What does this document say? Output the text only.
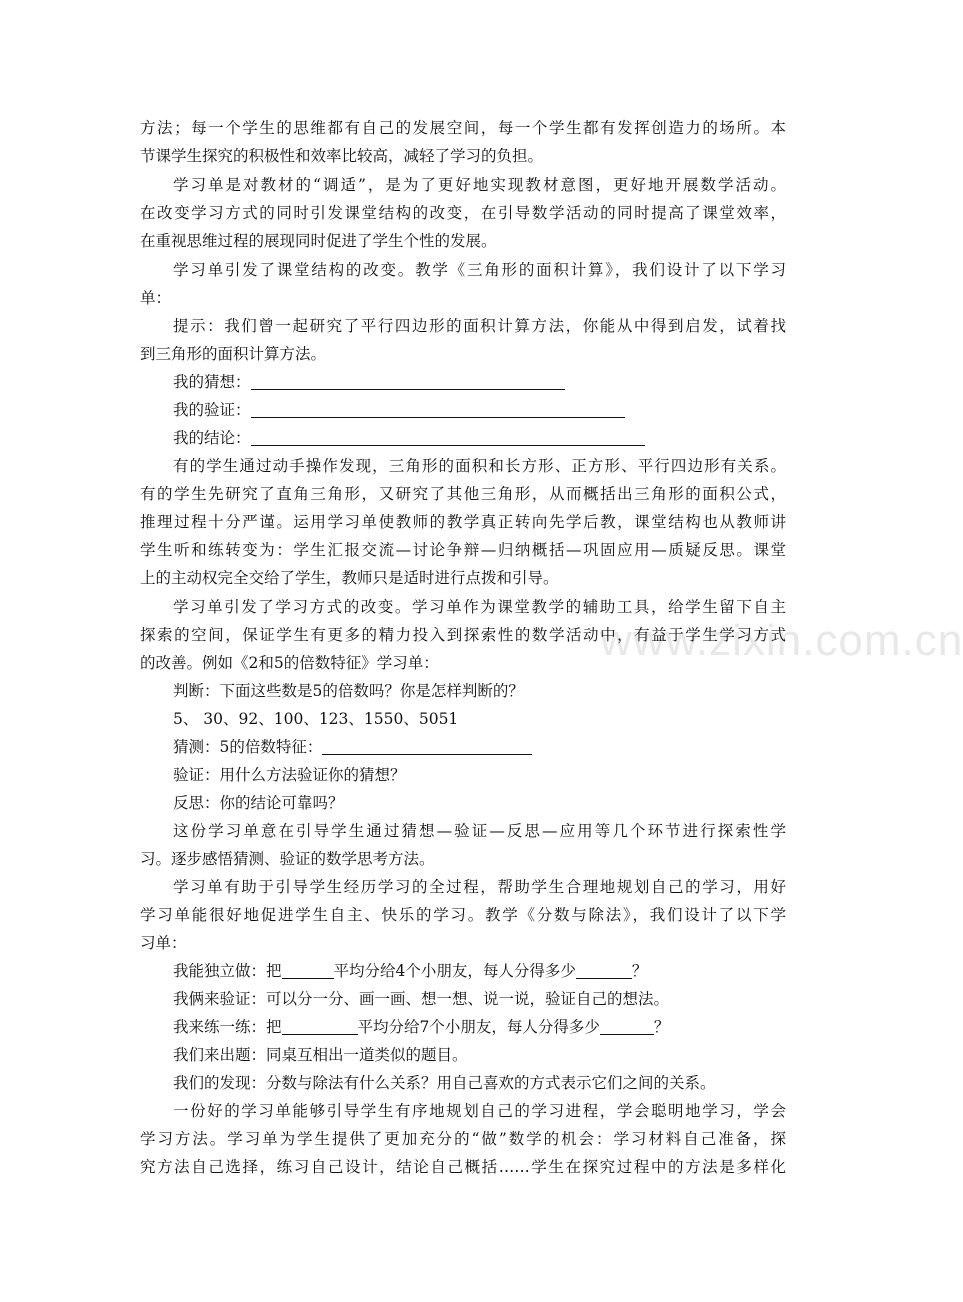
www.zixin.com.cn
方法；每一个学生的思维都有自己的发展空间，每一个学生都有发挥创造力的场所。本
节课学生探究的积极性和效率比较高，减轻了学习的负担。
学习单是对教材的“调适”，是为了更好地实现教材意图，更好地开展数学活动。
在改变学习方式的同时引发课堂结构的改变，在引导数学活动的同时提高了课堂效率，
在重视思维过程的展现同时促进了学生个性的发展。
学习单引发了课堂结构的改变。教学《三角形的面积计算》，我们设计了以下学习
单：
提示：我们曾一起研究了平行四边形的面积计算方法，你能从中得到启发，试着找
到三角形的面积计算方法。
我的猜想：
我的验证：
我的结论：
有的学生通过动手操作发现，三角形的面积和长方形、正方形、平行四边形有关系。
有的学生先研究了直角三角形，又研究了其他三角形，从而概括出三角形的面积公式，
推理过程十分严谨。运用学习单使教师的教学真正转向先学后教，课堂结构也从教师讲
学生听和练转变为：学生汇报交流—讨论争辩—归纳概括—巩固应用—质疑反思。课堂
上的主动权完全交给了学生，教师只是适时进行点拨和引导。
学习单引发了学习方式的改变。学习单作为课堂教学的辅助工具，给学生留下自主
探索的空间，保证学生有更多的精力投入到探索性的数学活动中，有益于学生学习方式
的改善。例如《2和5的倍数特征》学习单：
判断：下面这些数是5的倍数吗？你是怎样判断的？
5、 30、92、100、123、1550、5051
猜测：5的倍数特征：
验证：用什么方法验证你的猜想？
反思：你的结论可靠吗？
这份学习单意在引导学生通过猜想—验证—反思—应用等几个环节进行探索性学
习。逐步感悟猜测、验证的数学思考方法。
学习单有助于引导学生经历学习的全过程，帮助学生合理地规划自己的学习，用好
学习单能很好地促进学生自主、快乐的学习。教学《分数与除法》，我们设计了以下学
习单：
我能独立做：把	平均分给4个小朋友，每人分得多少	？
我俩来验证：可以分一分、画一画、想一想、说一说，验证自己的想法。
我来练一练：把	平均分给7个小朋友，每人分得多少	？
我们来出题：同桌互相出一道类似的题目。
我们的发现：分数与除法有什么关系？用自己喜欢的方式表示它们之间的关系。
一份好的学习单能够引导学生有序地规划自己的学习进程，学会聪明地学习，学会
学习方法。学习单为学生提供了更加充分的“做”数学的机会：学习材料自己准备，探
究方法自己选择，练习自己设计，结论自己概括……学生在探究过程中的方法是多样化
